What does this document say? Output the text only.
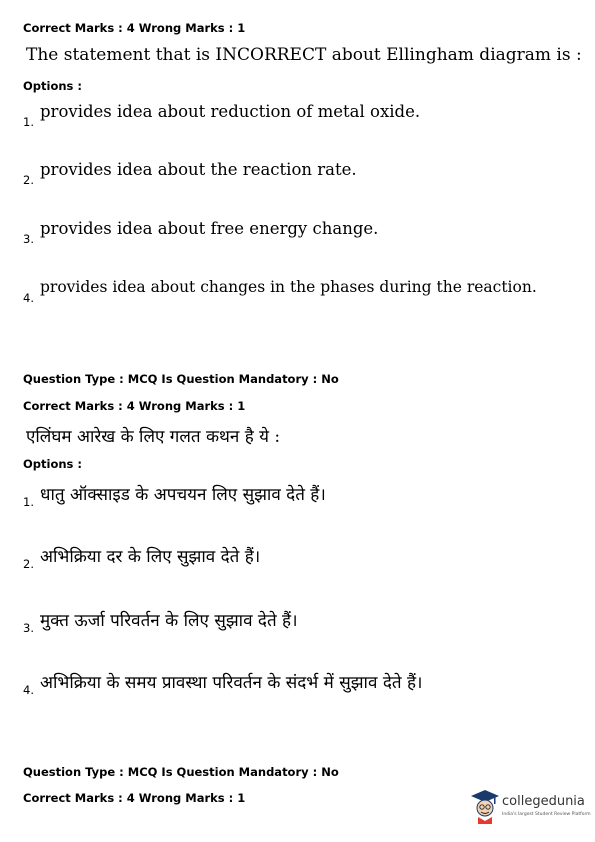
Correct Marks : 4 Wrong Marks : 1
The statement that is INCORRECT about Ellingham diagram is :
Options :
1.
provides idea about reduction of metal oxide.
2.
provides idea about the reaction rate.
3.
provides idea about free energy change.
4.
provides idea about changes in the phases during the reaction.
Question Type : MCQ Is Question Mandatory : No
Correct Marks : 4 Wrong Marks : 1
एलिंघम आरेख के लिए गलत कथन है ये :
Options :
1. धातु ऑक्साइड के अपचयन लिए सुझाव देते हैं।
2. अभिक्रिया दर के लिए सुझाव देते हैं।
3. मुक्त ऊर्जा परिवर्तन के लिए सुझाव देते हैं।
4. अभिक्रिया के समय प्रावस्था परिवर्तन के संदर्भ में सुझाव देते हैं।
Question Type : MCQ Is Question Mandatory : No
Correct Marks : 4 Wrong Marks : 1	collegedunia
India's largest Student Review Platform
